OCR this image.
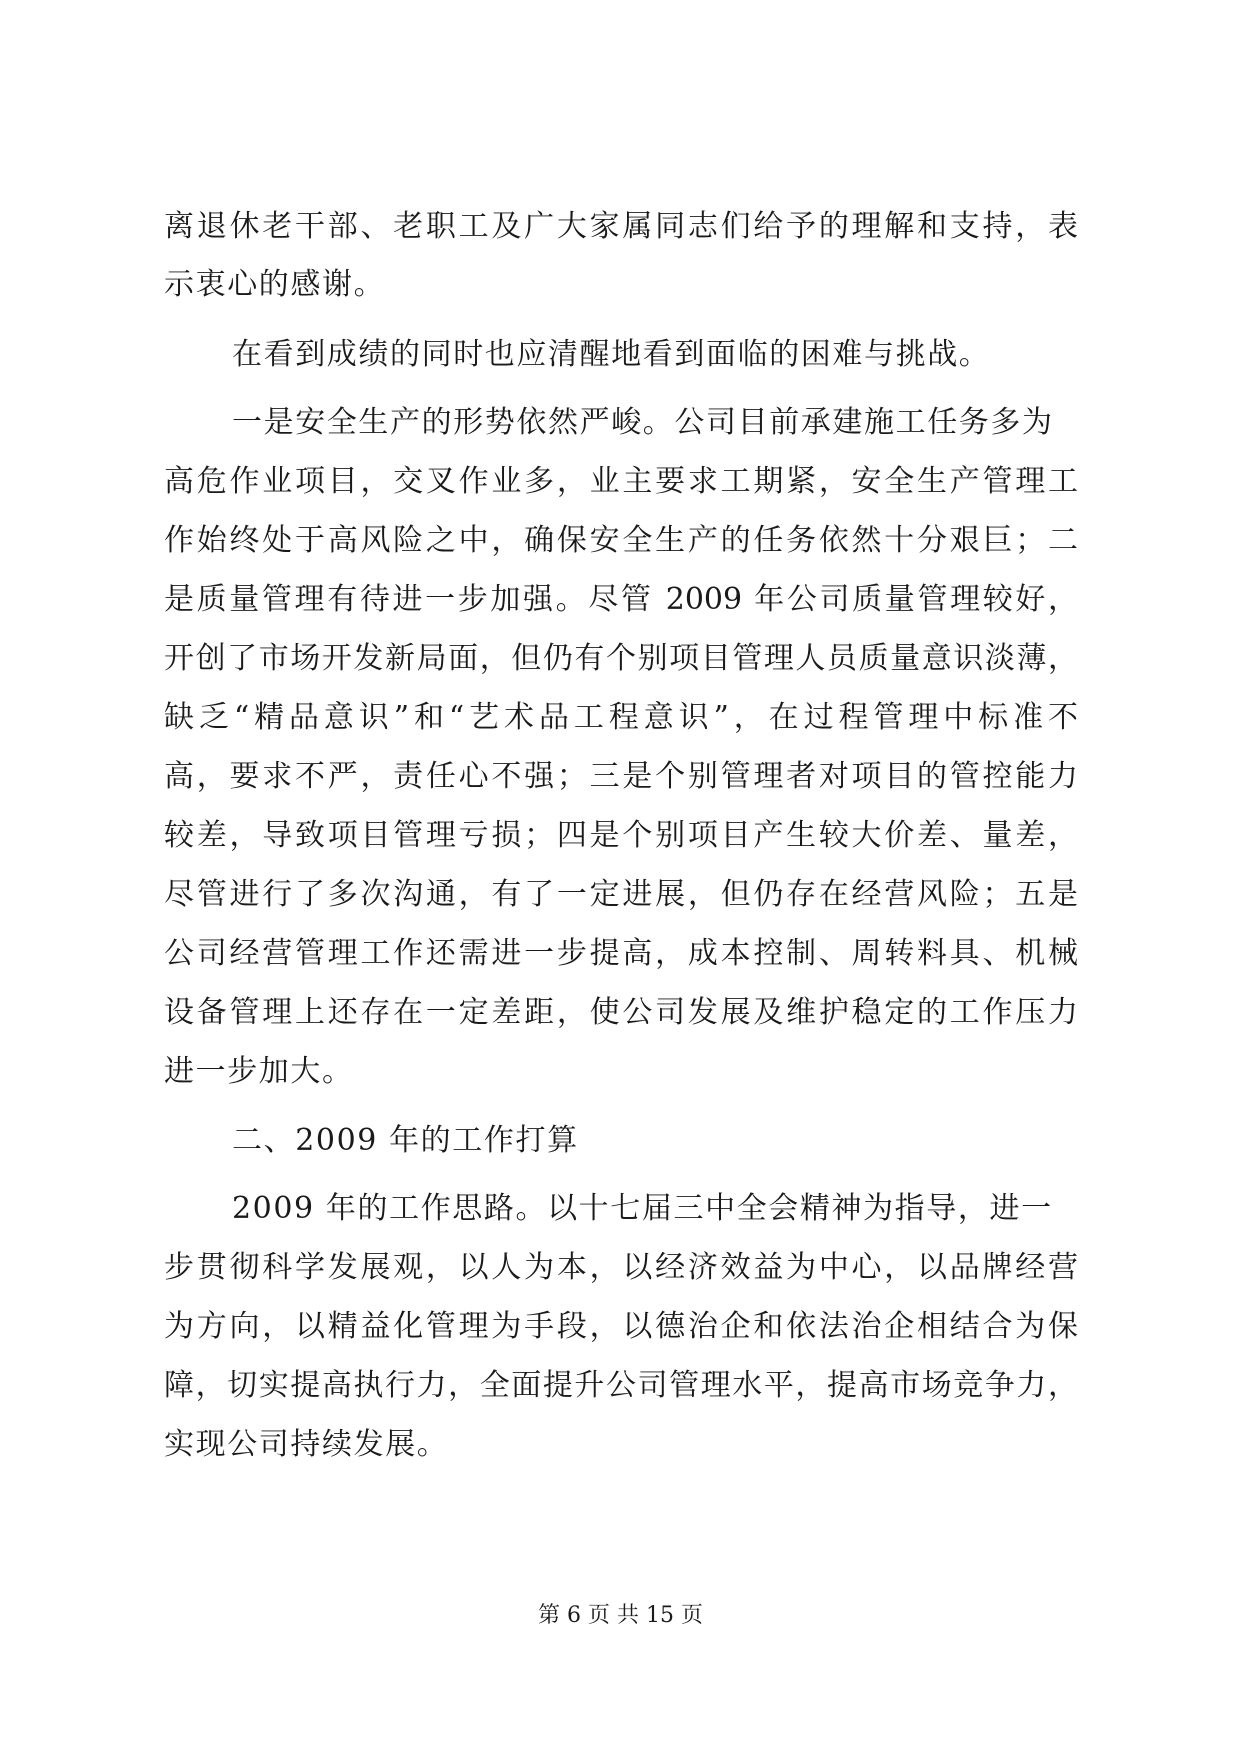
离退休老干部、老职工及广大家属同志们给予的理解和支持，表
示衷心的感谢。
在看到成绩的同时也应清醒地看到面临的困难与挑战。
一是安全生产的形势依然严峻。公司目前承建施工任务多为
高危作业项目，交叉作业多，业主要求工期紧，安全生产管理工
作始终处于高风险之中，确保安全生产的任务依然十分艰巨；二
是质量管理有待进一步加强。尽管 2009 年公司质量管理较好，
开创了市场开发新局面，但仍有个别项目管理人员质量意识淡薄，
缺乏“精品意识”和“艺术品工程意识”，在过程管理中标准不
高，要求不严，责任心不强；三是个别管理者对项目的管控能力
较差，导致项目管理亏损；四是个别项目产生较大价差、量差，
尽管进行了多次沟通，有了一定进展，但仍存在经营风险；五是
公司经营管理工作还需进一步提高，成本控制、周转料具、机械
设备管理上还存在一定差距，使公司发展及维护稳定的工作压力
进一步加大。
二、2009 年的工作打算
2009 年的工作思路。以十七届三中全会精神为指导，进一
步贯彻科学发展观，以人为本，以经济效益为中心，以品牌经营
为方向，以精益化管理为手段，以德治企和依法治企相结合为保
障，切实提高执行力，全面提升公司管理水平，提高市场竞争力，
实现公司持续发展。
第 6 页 共 15 页
